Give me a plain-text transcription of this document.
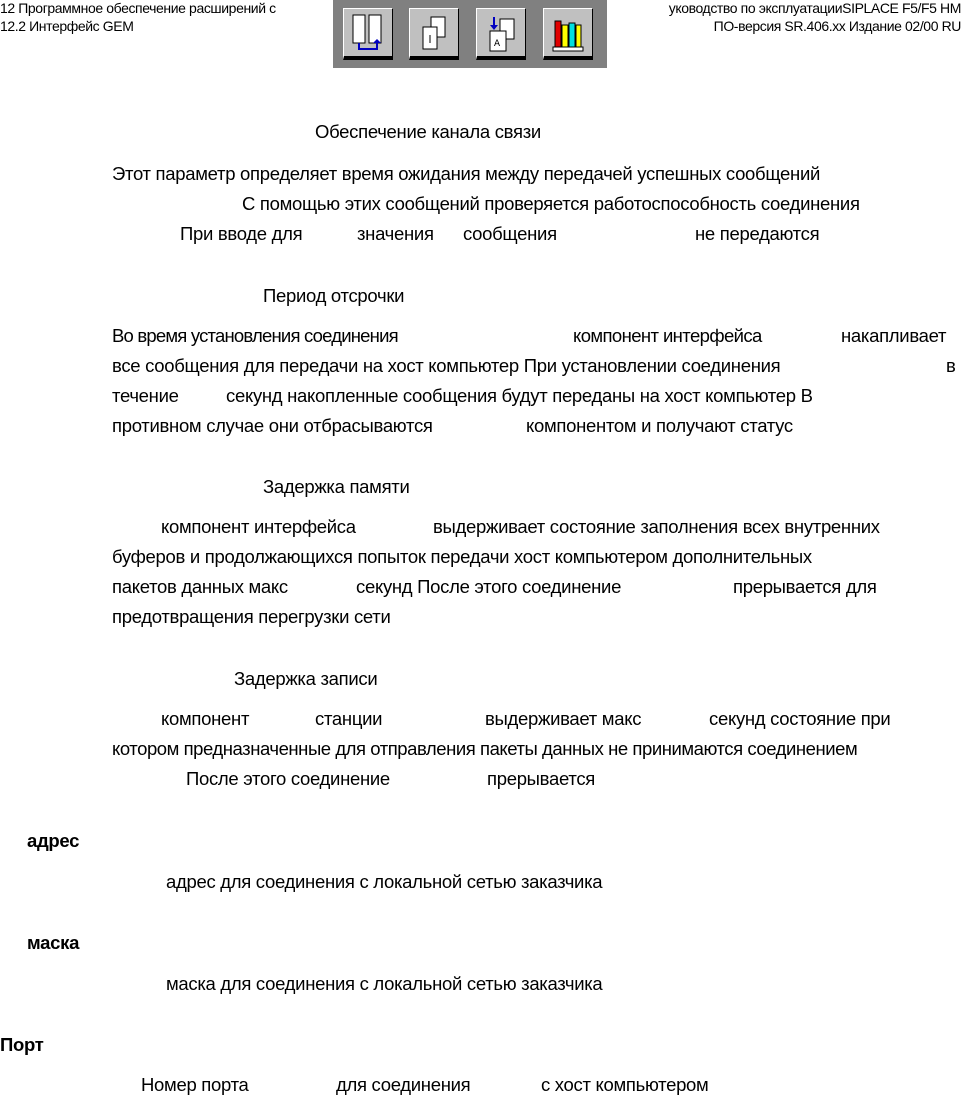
12 Программное обеспечение расширений с	уководство по эксплуатацииSIPLACE F5/F5 HM
12.2 Интерфейс GEM	ПО-версия SR.406.xx Издание 02/00 RU
A
Обеспечение канала связи
Этот параметр определяет время ожидания между передачей успешных сообщений
С помощью этих сообщений проверяется работоспособность соединения
При вводе для	значения сообщения	не передаются
Период отсрочки
Во время установления соединения	компонент интерфейса	накапливает
все сообщения для передачи на хост компьютер При установлении соединения	в
течение	секунд накопленные сообщения будут переданы на хост компьютер В
противном случае они отбрасываются	компонентом и получают статус
Задержка памяти
компонент интерфейса	выдерживает состояние заполнения всех внутренних
буферов и продолжающихся попыток передачи хост компьютером дополнительных
пакетов данных макс	секунд После этого соединение	прерывается для
предотвращения перегрузки сети
Задержка записи
компонент	станции	выдерживает макс	секунд состояние при
котором предназначенные для отправления пакеты данных не принимаются соединением
После этого соединение	прерывается
адрес
адрес для соединения с локальной сетью заказчика
маска
маска для соединения с локальной сетью заказчика
Порт
Номер порта	для соединения	с хост компьютером
